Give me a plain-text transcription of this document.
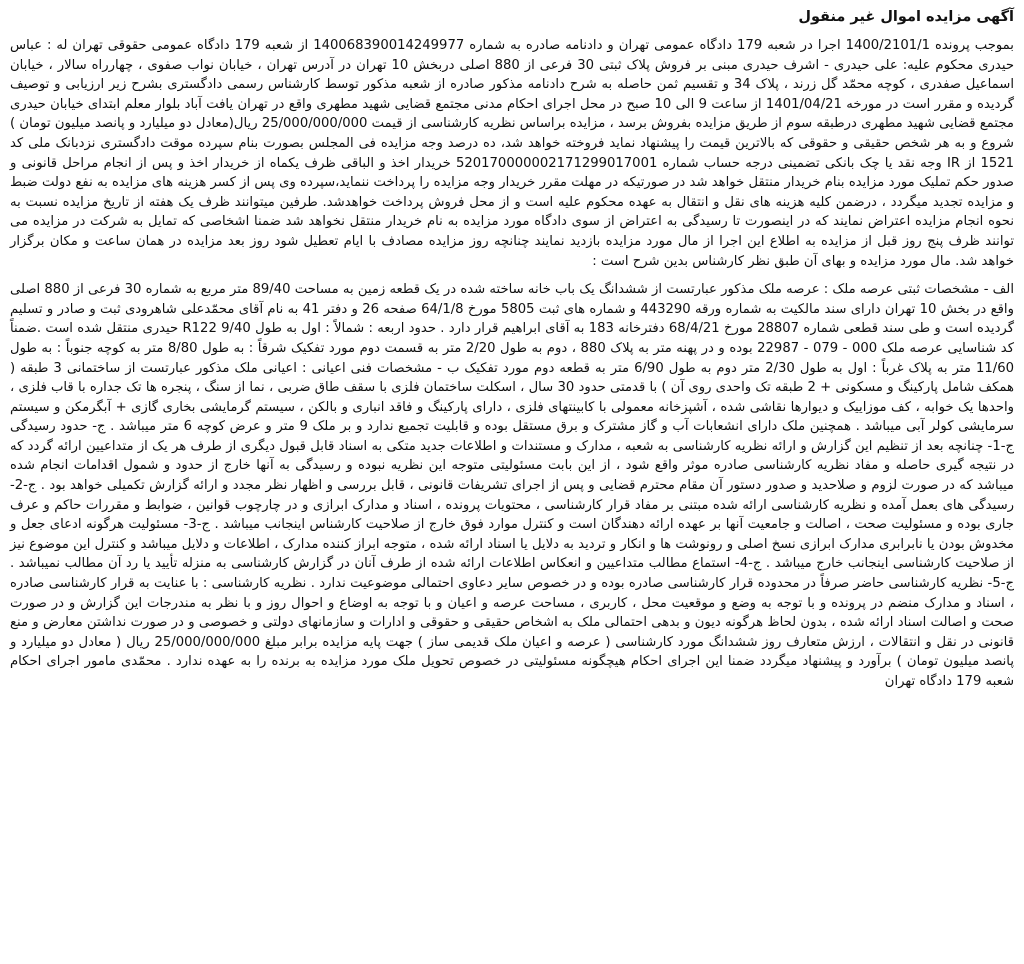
آگهی مزایده اموال غیر منقول

بموجب پرونده 1400/2101/1 اجرا در شعبه 179 دادگاه عمومی تهران و دادنامه صادره به شماره 140068390014249977 از شعبه 179 دادگاه عمومی حقوقی تهران له : عباس حیدری محکوم علیه: علی حیدری - اشرف حیدری مبنی بر فروش پلاک ثبتی 30 فرعی از 880 اصلی دربخش 10 تهران در آدرس تهران ، خیابان نواب صفوی ، چهارراه سالار ، خیابان اسماعیل صفدری ، کوچه محمّد گل زرند ، پلاک 34 و تقسیم ثمن حاصله به شرح دادنامه مذکور صادره از شعبه مذکور توسط کارشناس رسمی دادگستری بشرح زیر ارزیابی و توصیف گردیده و مقرر است در مورخه 1401/04/21 از ساعت 9 الی 10 صبح در محل اجرای احکام مدنی مجتمع قضایی شهید مطهری واقع در تهران یافت آباد بلوار معلم ابتدای خیابان حیدری مجتمع قضایی شهید مطهری درطبقه سوم از طریق مزایده بفروش برسد ، مزایده براساس نظریه کارشناسی از قیمت 25/000/000/000 ریال(معادل دو میلیارد و پانصد میلیون تومان ) شروع و به هر شخص حقیقی و حقوقی که بالاترین قیمت را پیشنهاد نماید فروخته خواهد شد، ده درصد وجه مزایده فی المجلس بصورت بنام سپرده موقت دادگستری نزدبانک ملی کد 1521 از IR وجه نقد یا چک بانکی تضمینی درجه حساب شماره 520170000002171299017001 خریدار اخذ و الباقی ظرف یکماه از خریدار اخذ و پس از انجام مراحل قانونی و صدور حکم تملیک مورد مزایده بنام خریدار منتقل خواهد شد در صورتیکه در مهلت مقرر خریدار وجه مزایده را پرداخت ننماید،سپرده وی پس از کسر هزینه های مزایده به نفع دولت ضبط و مزایده تجدید میگردد ، درضمن کلیه هزینه های نقل و انتقال به عهده محکوم علیه است و از محل فروش پرداخت خواهدشد. طرفین میتوانند ظرف یک هفته از تاریخ مزایده نسبت به نحوه انجام مزایده اعتراض نمایند که در اینصورت تا رسیدگی به اعتراض از سوی دادگاه مورد مزایده به نام خریدار منتقل نخواهد شد ضمنا اشخاصی که تمایل به شرکت در مزایده می توانند ظرف پنج روز قبل از مزایده به اطلاع این اجرا از مال مورد مزایده بازدید نمایند چنانچه روز مزایده مصادف با ایام تعطیل شود روز بعد مزایده در همان ساعت و مکان برگزار خواهد شد. مال مورد مزایده و بهای آن طبق نظر کارشناس بدین شرح است :

الف - مشخصات ثبتی عرصه ملک : عرصه ملک مذکور عبارتست از ششدانگ یک باب خانه ساخته شده در یک قطعه زمین به مساحت 89/40 متر مربع به شماره 30 فرعی از 880 اصلی واقع در بخش 10 تهران دارای سند مالکیت به شماره ورقه 443290 و شماره های ثبت 5805 مورخ 64/1/8 صفحه 26 و دفتر 41 به نام آقای محمّدعلی شاهرودی ثبت و صادر و تسلیم گردیده است و طی سند قطعی شماره 28807 مورخ 68/4/21 دفترخانه 183 به آقای ابراهیم قرار دارد . حدود اربعه : شمالاً : اول به طول 9/40 R122 حیدری منتقل شده است .ضمناً کد شناسایی عرصه ملک 000 - 079 - 22987 بوده و در پهنه متر به پلاک 880 ، دوم به طول 2/20 متر به قسمت دوم مورد تفکیک شرقاً : به طول 8/80 متر به کوچه جنوباً : به طول 11/60 متر به پلاک غرباً : اول به طول 2/30 متر دوم به طول 6/90 متر به قطعه دوم مورد تفکیک ب - مشخصات فنی اعیانی : اعیانی ملک مذکور عبارتست از ساختمانی 3 طبقه ( همکف شامل پارکینگ و مسکونی + 2 طبقه تک واحدی روی آن ) با قدمتی حدود 30 سال ، اسکلت ساختمان فلزی با سقف طاق ضربی ، نما از سنگ ، پنجره ها تک جداره با قاب فلزی ، واحدها یک خوابه ، کف موزاییک و دیوارها نقاشی شده ، آشپزخانه معمولی با کابینتهای فلزی ، دارای پارکینگ و فاقد انباری و بالکن ، سیستم گرمایشی بخاری گازی + آبگرمکن و سیستم سرمایشی کولر آبی میباشد . همچنین ملک دارای انشعابات آب و گاز مشترک و برق مستقل بوده و قابلیت تجمیع ندارد و بر ملک 9 متر و عرض کوچه 6 متر میباشد . ج- حدود رسیدگی ج-1- چنانچه بعد از تنظیم این گزارش و ارائه نظریه کارشناسی به شعبه ، مدارک و مستندات و اطلاعات جدید متکی به اسناد قابل قبول دیگری از طرف هر یک از متداعیین ارائه گردد که در نتیجه گیری حاصله و مفاد نظریه کارشناسی صادره موثر واقع شود ، از این بابت مسئولیتی متوجه این نظریه نبوده و رسیدگی به آنها خارج از حدود و شمول اقدامات انجام شده میباشد که در صورت لزوم و صلاحدید و صدور دستور آن مقام محترم قضایی و پس از اجرای تشریفات قانونی ، قابل بررسی و اظهار نظر مجدد و ارائه گزارش تکمیلی خواهد بود . ج-2- رسیدگی های بعمل آمده و نظریه کارشناسی ارائه شده مبتنی بر مفاد قرار کارشناسی ، محتویات پرونده ، اسناد و مدارک ابرازی و در چارچوب قوانین ، ضوابط و مقررات حاکم و عرف جاری بوده و مسئولیت صحت ، اصالت و جامعیت آنها بر عهده ارائه دهندگان است و کنترل موارد فوق خارج از صلاحیت کارشناس اینجانب میباشد . ج-3- مسئولیت هرگونه ادعای جعل و مخدوش بودن یا نابرابری مدارک ابرازی نسخ اصلی و رونوشت ها و انکار و تردید به دلایل یا اسناد ارائه شده ، متوجه ابراز کننده مدارک ، اطلاعات و دلایل میباشد و کنترل این موضوع نیز از صلاحیت کارشناسی اینجانب خارج میباشد . ج-4- استماع مطالب متداعیین و انعکاس اطلاعات ارائه شده از طرف آنان در گزارش کارشناسی به منزله تأیید یا رد آن مطالب نمیباشد . ج-5- نظریه کارشناسی حاضر صرفاً در محدوده قرار کارشناسی صادره بوده و در خصوص سایر دعاوی احتمالی موضوعیت ندارد . نظریه کارشناسی : با عنایت به قرار کارشناسی صادره ، اسناد و مدارک منضم در پرونده و با توجه به وضع و موقعیت محل ، کاربری ، مساحت عرصه و اعیان و با توجه به اوضاع و احوال روز و با نظر به مندرجات این گزارش و در صورت صحت و اصالت اسناد ارائه شده ، بدون لحاظ هرگونه دیون و بدهی احتمالی ملک به اشخاص حقیقی و حقوقی و ادارات و سازمانهای دولتی و خصوصی و در صورت نداشتن معارض و منع قانونی در نقل و انتقالات ، ارزش متعارف روز ششدانگ مورد کارشناسی ( عرصه و اعیان ملک قدیمی ساز ) جهت پایه مزایده برابر مبلغ 25/000/000/000 ریال ( معادل دو میلیارد و پانصد میلیون تومان ) برآورد و پیشنهاد میگردد ضمنا این اجرای احکام هیچگونه مسئولیتی در خصوص تحویل ملک مورد مزایده به برنده را به عهده ندارد . محمّدی مامور اجرای احکام شعبه 179 دادگاه تهران
